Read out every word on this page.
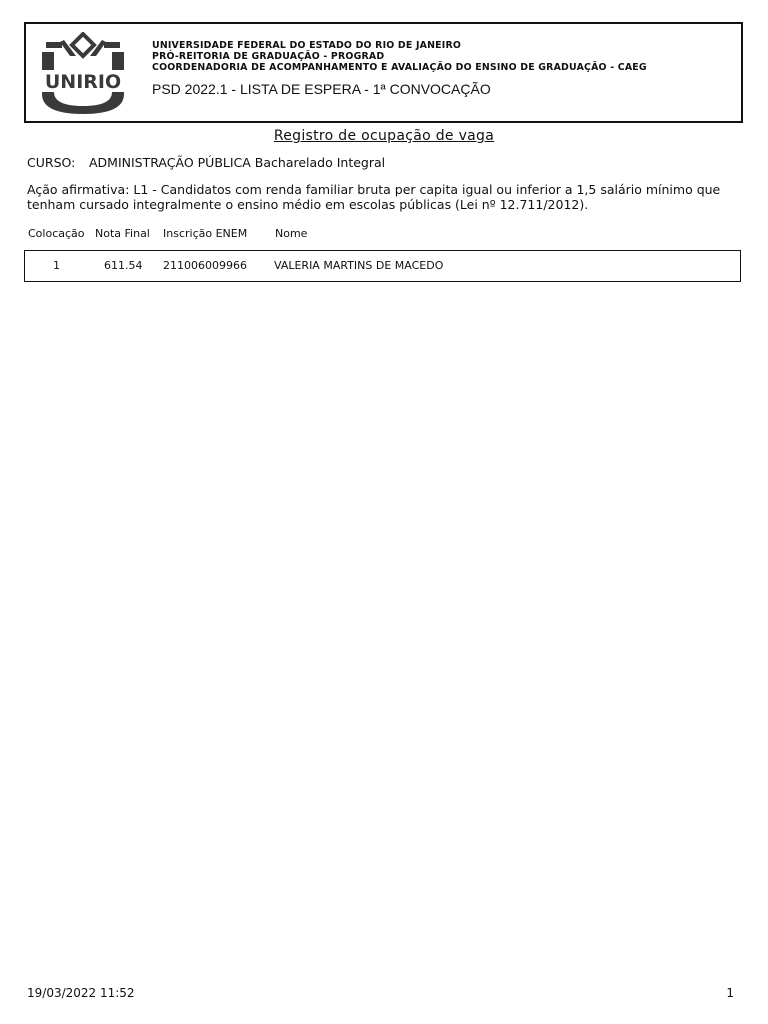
UNIRIO
UNIVERSIDADE FEDERAL DO ESTADO DO RIO DE JANEIRO
PRÓ-REITORIA DE GRADUAÇÃO - PROGRAD
COORDENADORIA DE ACOMPANHAMENTO E AVALIAÇÃO DO ENSINO DE GRADUAÇÃO - CAEG
PSD 2022.1 - LISTA DE ESPERA - 1ª CONVOCAÇÃO
Registro de ocupação de vaga
CURSO: ADMINISTRAÇÃO PÚBLICA Bacharelado Integral
Ação afirmativa: L1 - Candidatos com renda familiar bruta per capita igual ou inferior a 1,5 salário mínimo que tenham cursado integralmente o ensino médio em escolas públicas (Lei nº 12.711/2012).
Colocação Nota Final Inscrição ENEM	Nome
1	611.54 211006009966 VALERIA MARTINS DE MACEDO
19/03/2022 11:52	1
